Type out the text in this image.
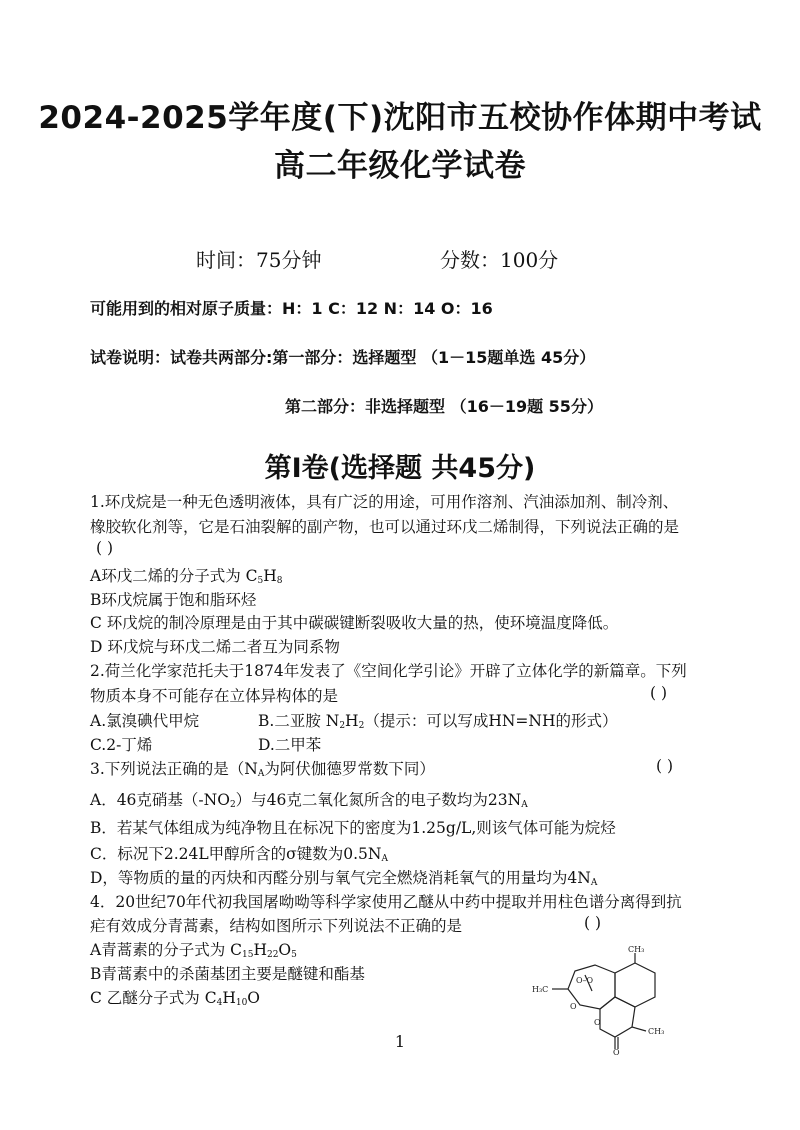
2024-2025学年度(下)沈阳市五校协作体期中考试
高二年级化学试卷
时间：75分钟	分数：100分
可能用到的相对原子质量：H：1 C：12 N：14 O：16
试卷说明：试卷共两部分:第一部分：选择题型 （1－15题单选 45分）
第二部分：非选择题型 （16－19题 55分）
第Ⅰ卷(选择题 共45分)
1.环戊烷是一种无色透明液体，具有广泛的用途，可用作溶剂、汽油添加剂、制冷剂、
橡胶软化剂等，它是石油裂解的副产物，也可以通过环戊二烯制得，下列说法正确的是
( )
A环戊二烯的分子式为 $C_5H_8$
B环戊烷属于饱和脂环烃
C 环戊烷的制冷原理是由于其中碳碳键断裂吸收大量的热，使环境温度降低。
D 环戊烷与环戊二烯二者互为同系物
2.荷兰化学家范托夫于1874年发表了《空间化学引论》开辟了立体化学的新篇章。下列
物质本身不可能存在立体异构体的是	( )
A.氯溴碘代甲烷	B.二亚胺 $N_2H_2$（提示：可以写成HN=NH的形式）
C.2-丁烯	D.二甲苯
3.下列说法正确的是（$N_A$为阿伏伽德罗常数下同）	( )
A．46克硝基$(-NO_2)$与46克二氧化氮所含的电子数均为$23N_A$
B．若某气体组成为纯净物且在标况下的密度为1.25g/L,则该气体可能为烷烃
C．标况下2.24L甲醇所含的σ键数为$0.5N_A$
D，等物质的量的丙炔和丙醛分别与氧气完全燃烧消耗氧气的用量均为$4N_A$
4．20世纪70年代初我国屠呦呦等科学家使用乙醚从中药中提取并用柱色谱分离得到抗
疟有效成分青蒿素，结构如图所示下列说法不正确的是	( )
A青蒿素的分子式为 $C_{15}H_{22}O_5$
B青蒿素中的杀菌基团主要是醚键和酯基
C 乙醚分子式为 $C_4H_{10}O$
CH₃
H₃C
O–O
O
O
O
CH₃
1
